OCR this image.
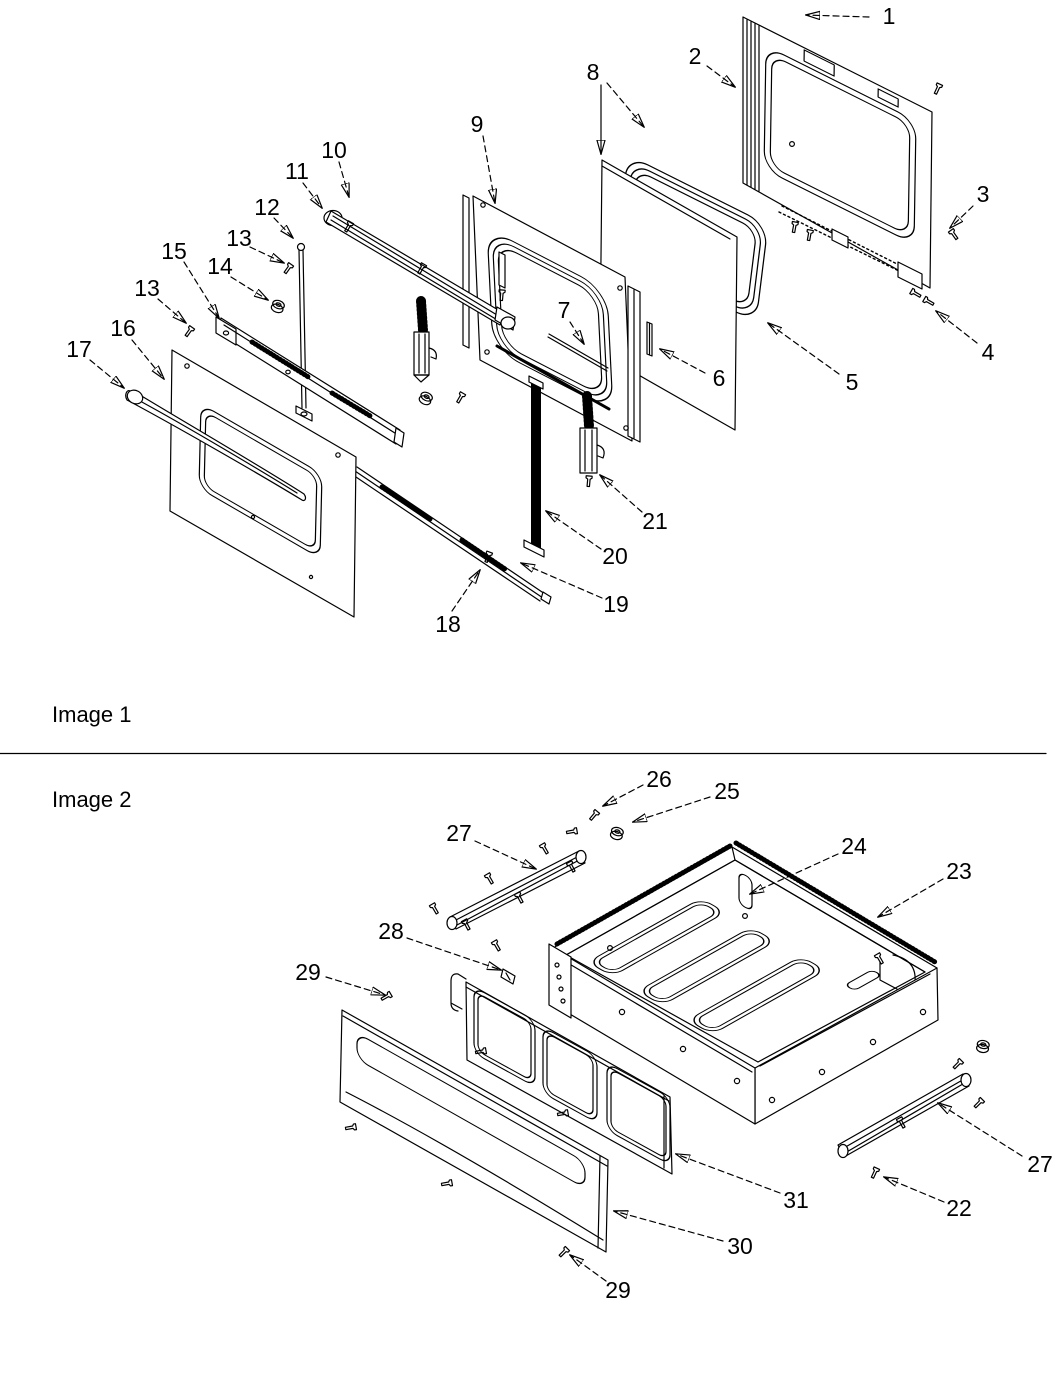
Image 1
Image 2
1
2
8
9
10
11
12
13
3
15
14
13
16
17	4
7
6	5
21
20
19
18
26 25
27	24
23
28
29
27
22
31
30
29
